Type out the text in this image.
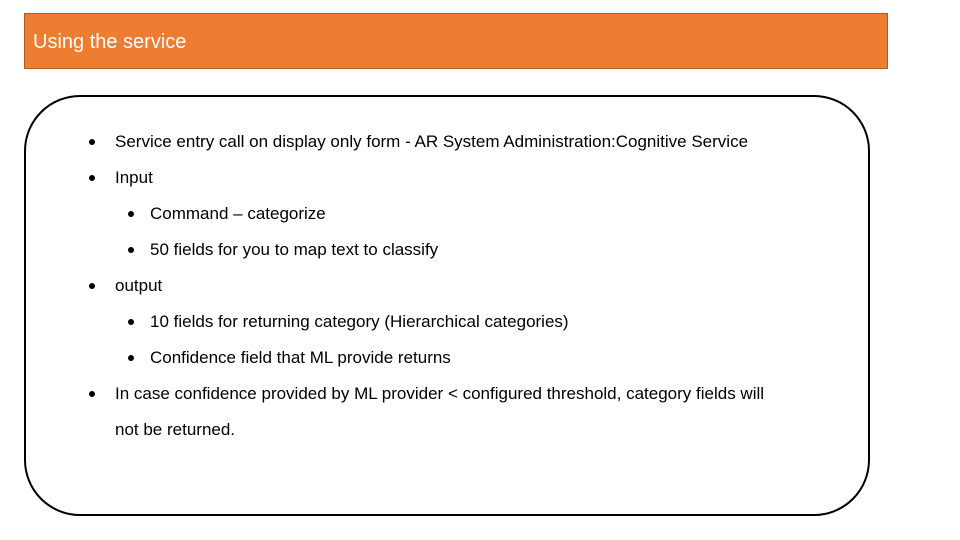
Using the service
Service entry call on display only form - AR System Administration:Cognitive Service
Input
Command – categorize
50 fields for you to map text to classify
output
10 fields for returning category (Hierarchical categories)
Confidence field that ML provide returns
In case confidence provided by ML provider < configured threshold, category fields will
not be returned.
